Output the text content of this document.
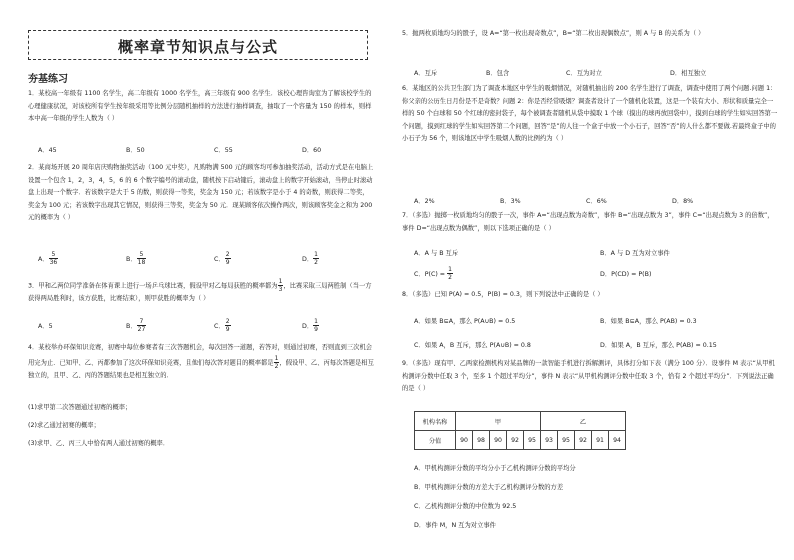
概率章节知识点与公式
夯基练习
1．某校高一年级有 1100 名学生，高二年级有 1000 名学生，高三年级有 900 名学生．该校心理咨询室为了解该校学生的心理健康状况，对该校所有学生按年级采用等比例分层随机抽样的方法进行抽样调查，抽取了一个容量为 150 的样本，则样本中高一年级的学生人数为（ ）
A．45	B．50	C．55	D．60
2．某商场开展 20 周年店庆购物抽奖活动（100 元中奖），凡购物满 500 元的顾客均可参加抽奖活动，活动方式是在电脑上设置一个包含 1，2，3，4，5，6 的 6 个数字编号的滚动盘，随机按下启动键后，滚动盘上的数字开始滚动，当停止时滚动盘上出现一个数字．若该数字是大于 5 的数，则获得一等奖，奖金为 150 元；若该数字是小于 4 的奇数，则获得二等奖，奖金为 100 元；若该数字出现其它情况，则获得三等奖，奖金为 50 元．现某顾客依次操作两次，则该顾客奖金之和为 200 元的概率为（ ）
A． $\frac{5}{36}$	B． $\frac{5}{18}$	C． $\frac{2}{9}$	D． $\frac{1}{2}$
3．甲和乙两位同学准备在体育课上进行一场乒乓球比赛，假设甲对乙每局获胜的概率都为 $\frac{1}{3}$ ，比赛采取三局两胜制（当一方获得两局胜利时，该方获胜，比赛结束），则甲获胜的概率为（ ）
A．5	B． $\frac{7}{27}$	C． $\frac{2}{9}$	D． $\frac{1}{9}$
4．某校举办环保知识竞赛，初赛中每位参赛者有三次答题机会，每次回答一道题，若答对，则通过初赛，否则直到三次机会用完为止．已知甲、乙、丙都参加了这次环保知识竞赛，且他们每次答对题目的概率都是 $\frac{1}{2}$ ，假设甲、乙、丙每次答题是相互独立的，且甲、乙、丙的答题结果也是相互独立的．
(1)求甲第二次答题通过初赛的概率；
(2)求乙通过初赛的概率；
(3)求甲、乙、丙三人中恰有两人通过初赛的概率．
5．抛两枚质地均匀的骰子，设 A=“第一枚出现奇数点”，B=“第二枚出现偶数点”，则 A 与 B 的关系为（ ）
A．互斥	B．包含	C．互为对立	D．相互独立
6．某地区的公共卫生部门为了调查本地区中学生的吸烟情况，对随机抽出的 200 名学生进行了调查，调查中使用了两个问题.问题 1：你父亲的公历生日月份是不是奇数？问题 2：你是否经常吸烟？调查者设计了一个随机化装置，这是一个装有大小、形状和质量完全一样的 50 个白球和 50 个红球的密封袋子，每个被调查者随机从袋中摸取 1 个球（摸出的球再放回袋中），摸到白球的学生如实回答第一个问题，摸到红球的学生如实回答第二个问题，回答“是”的人往一个盒子中放一个小石子，回答“否”的人什么都不要做.若最终盒子中的小石子为 56 个，则该地区中学生吸烟人数的比例约为（ ）
A．2%	B．3%	C．6%	D．8%
7．（多选）抛掷一枚质地均匀的骰子一次，事件 A=“出现点数为奇数”，事件 B=“出现点数为 3”，事件 C=“出现点数为 3 的倍数”，事件 D=“出现点数为偶数”，则以下选项正确的是（ ）
A．A 与 B 互斥	B．A 与 D 互为对立事件
C．$P(C) = \frac{1}{2}$	D．P(CD) = P(B)
8．（多选）已知 P(A) = 0.5，P(B) = 0.3，则下列说法中正确的是（ ）
A．如果 B⊆A，那么 P(A∪B) = 0.5	B．如果 B⊆A，那么 P(AB) = 0.3
C．如果 A，B 互斥，那么 P(A∪B) = 0.8	D．如果 A，B 互斥，那么 P(AB) = 0.15
9．（多选）现有甲、乙两家检测机构对某品牌的一款智能手机进行拆解测评，具体打分如下表（满分 100 分）．设事件 M 表示“从甲机构测评分数中任取 3 个，至多 1 个超过平均分”，事件 N 表示“从甲机构测评分数中任取 3 个，恰有 2 个超过平均分”．下列说法正确的是（ ）
机构名称	甲					乙				
分值	90	98	90	92	95	93	95	92	91	94
A．甲机构测评分数的平均分小于乙机构测评分数的平均分
B．甲机构测评分数的方差大于乙机构测评分数的方差
C．乙机构测评分数的中位数为 92.5
D．事件 M，N 互为对立事件
